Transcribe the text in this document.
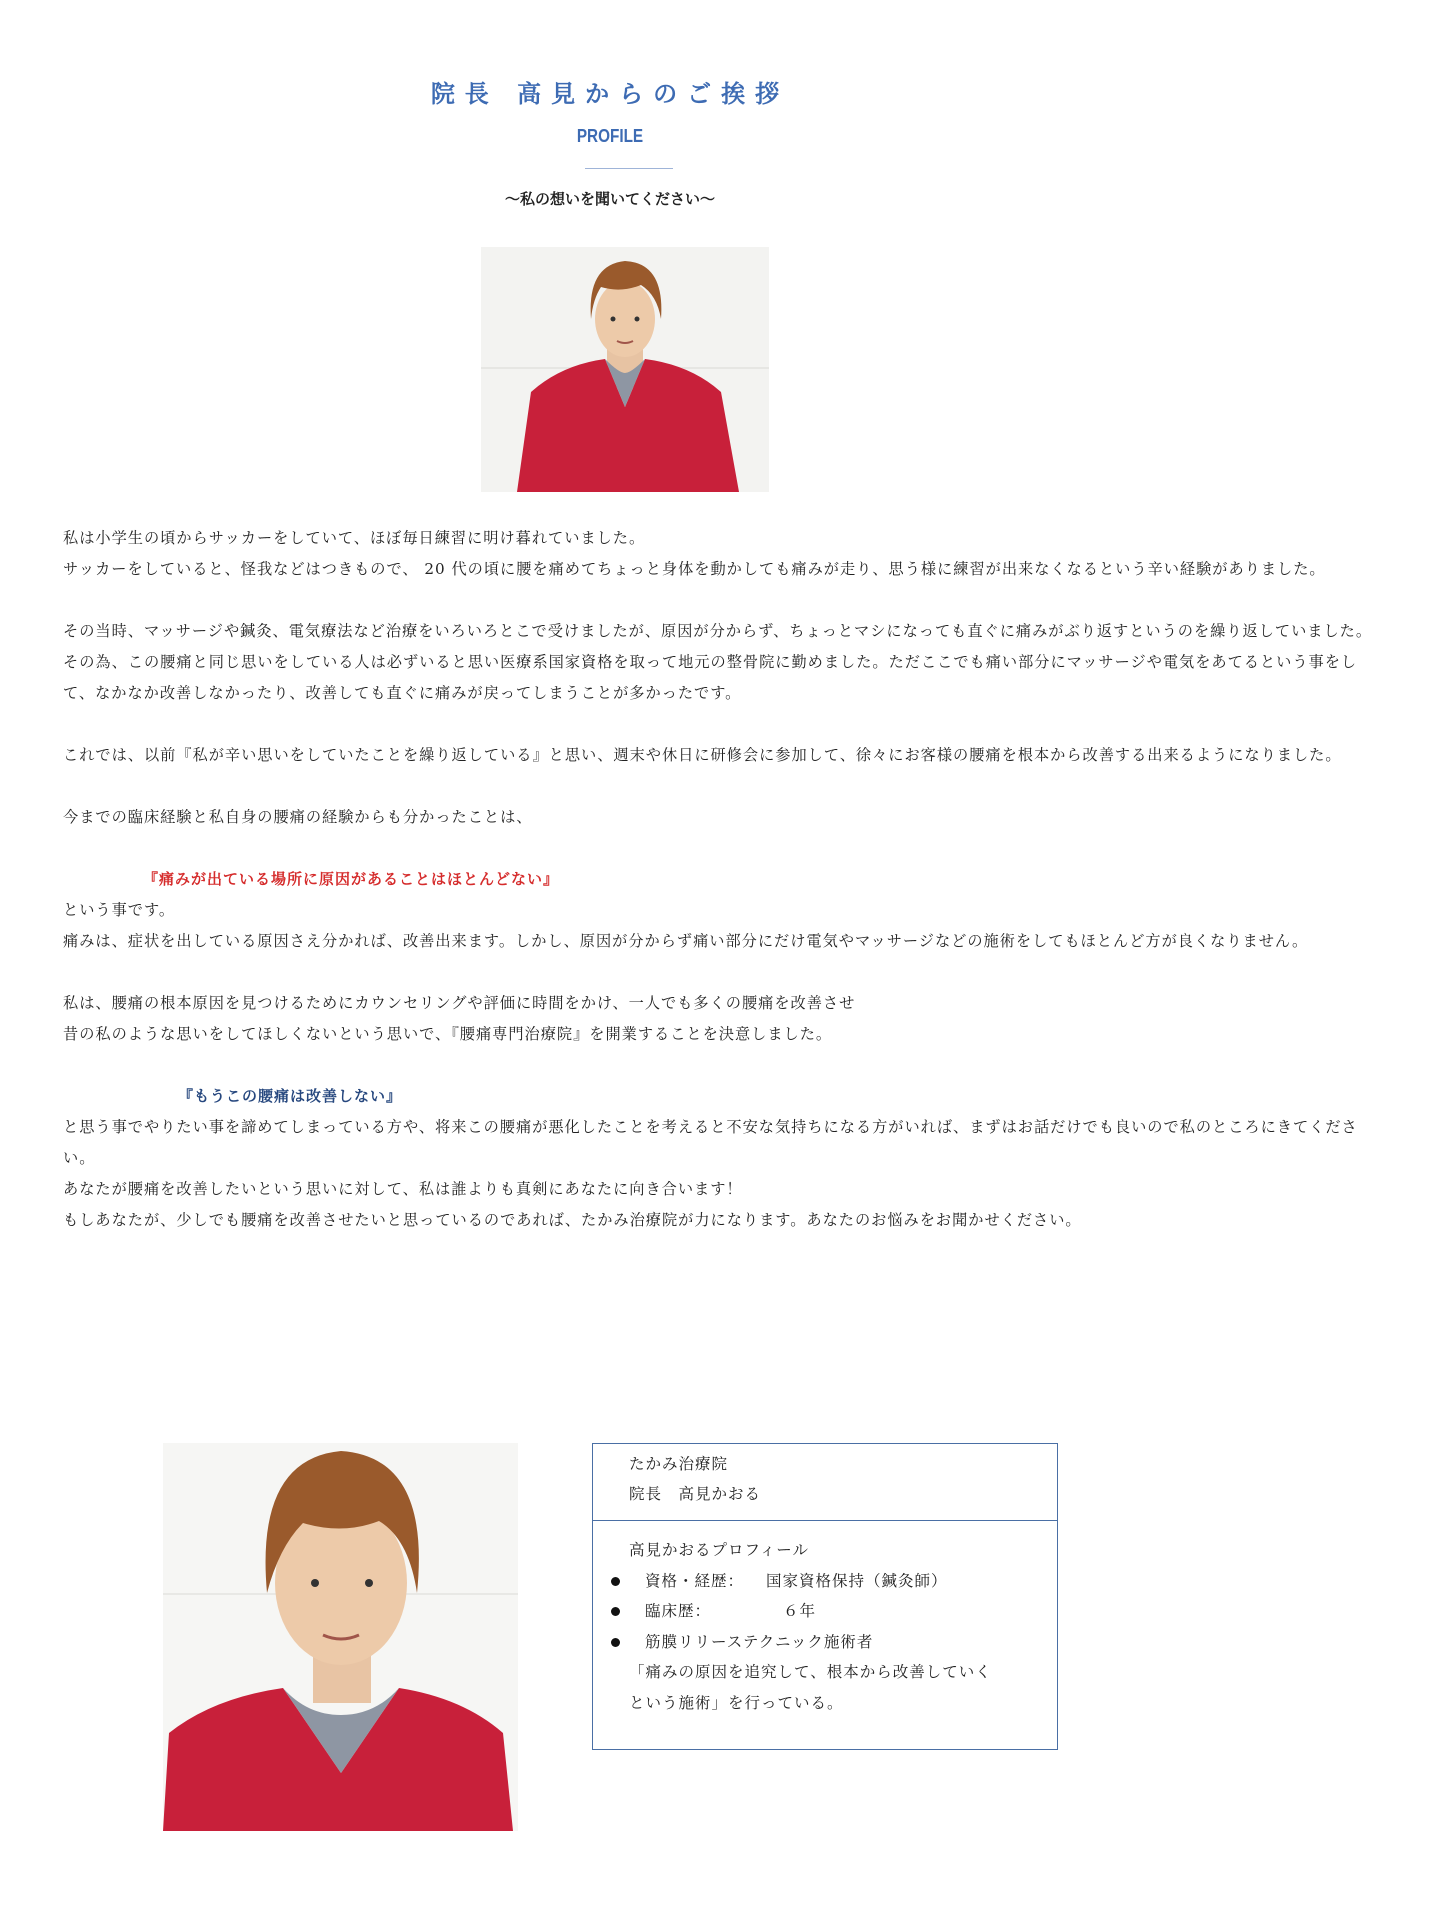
院長 高見からのご挨拶
PROFILE
〜私の想いを聞いてください〜

私は小学生の頃からサッカーをしていて、ほぼ毎日練習に明け暮れていました。

サッカーをしていると、怪我などはつきもので、 20 代の頃に腰を痛めてちょっと身体を動かしても痛みが走り、思う様に練習が出来なくなるという辛い経験がありました。

その当時、マッサージや鍼灸、電気療法など治療をいろいろとこで受けましたが、原因が分からず、ちょっとマシになっても直ぐに痛みがぶり返すというのを繰り返していました。

その為、この腰痛と同じ思いをしている人は必ずいると思い医療系国家資格を取って地元の整骨院に勤めました。ただここでも痛い部分にマッサージや電気をあてるという事をして、なかなか改善しなかったり、改善しても直ぐに痛みが戻ってしまうことが多かったです。

これでは、以前『私が辛い思いをしていたことを繰り返している』と思い、週末や休日に研修会に参加して、徐々にお客様の腰痛を根本から改善する出来るようになりました。

今までの臨床経験と私自身の腰痛の経験からも分かったことは、

『痛みが出ている場所に原因があることはほとんどない』

という事です。

痛みは、症状を出している原因さえ分かれば、改善出来ます。しかし、原因が分からず痛い部分にだけ電気やマッサージなどの施術をしてもほとんど方が良くなりません。

私は、腰痛の根本原因を見つけるためにカウンセリングや評価に時間をかけ、一人でも多くの腰痛を改善させ

昔の私のような思いをしてほしくないという思いで、『腰痛専門治療院』を開業することを決意しました。

『もうこの腰痛は改善しない』

と思う事でやりたい事を諦めてしまっている方や、将来この腰痛が悪化したことを考えると不安な気持ちになる方がいれば、まずはお話だけでも良いので私のところにきてください。

あなたが腰痛を改善したいという思いに対して、私は誰よりも真剣にあなたに向き合います！

もしあなたが、少しでも腰痛を改善させたいと思っているのであれば、たかみ治療院が力になります。あなたのお悩みをお聞かせください。

たかみ治療院
院長　高見かおる
高見かおるプロフィール
資格・経歴： 国家資格保持（鍼灸師）
臨床歴：	６年
筋膜リリーステクニック施術者
「痛みの原因を追究して、根本から改善していく
という施術」を行っている。
